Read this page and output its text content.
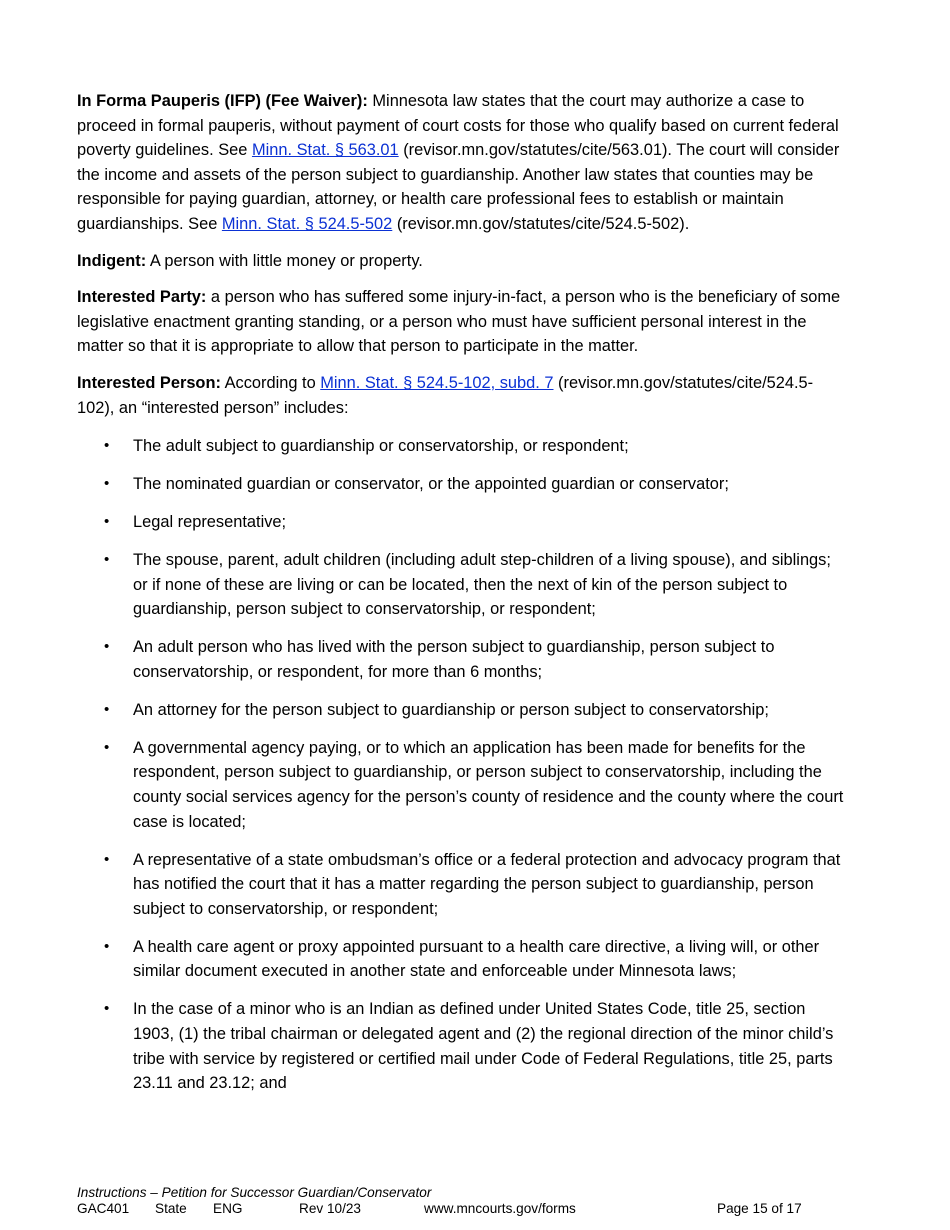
In Forma Pauperis (IFP) (Fee Waiver): Minnesota law states that the court may authorize a case to proceed in formal pauperis, without payment of court costs for those who qualify based on current federal poverty guidelines. See Minn. Stat. § 563.01 (revisor.mn.gov/statutes/cite/563.01). The court will consider the income and assets of the person subject to guardianship. Another law states that counties may be responsible for paying guardian, attorney, or health care professional fees to establish or maintain guardianships. See Minn. Stat. § 524.5-502 (revisor.mn.gov/statutes/cite/524.5-502).

Indigent: A person with little money or property.

Interested Party: a person who has suffered some injury-in-fact, a person who is the beneficiary of some legislative enactment granting standing, or a person who must have sufficient personal interest in the matter so that it is appropriate to allow that person to participate in the matter.

Interested Person: According to Minn. Stat. § 524.5-102, subd. 7 (revisor.mn.gov/statutes/cite/524.5-102), an “interested person” includes:

• The adult subject to guardianship or conservatorship, or respondent;
• The nominated guardian or conservator, or the appointed guardian or conservator;
• Legal representative;
• The spouse, parent, adult children (including adult step-children of a living spouse), and siblings; or if none of these are living or can be located, then the next of kin of the person subject to guardianship, person subject to conservatorship, or respondent;
• An adult person who has lived with the person subject to guardianship, person subject to conservatorship, or respondent, for more than 6 months;
• An attorney for the person subject to guardianship or person subject to conservatorship;
• A governmental agency paying, or to which an application has been made for benefits for the respondent, person subject to guardianship, or person subject to conservatorship, including the county social services agency for the person’s county of residence and the county where the court case is located;
• A representative of a state ombudsman’s office or a federal protection and advocacy program that has notified the court that it has a matter regarding the person subject to guardianship, person subject to conservatorship, or respondent;
• A health care agent or proxy appointed pursuant to a health care directive, a living will, or other similar document executed in another state and enforceable under Minnesota laws;
• In the case of a minor who is an Indian as defined under United States Code, title 25, section 1903, (1) the tribal chairman or delegated agent and (2) the regional direction of the minor child’s tribe with service by registered or certified mail under Code of Federal Regulations, title 25, parts 23.11 and 23.12; and
Instructions – Petition for Successor Guardian/Conservator
GAC401 State ENG	Rev 10/23	www.mncourts.gov/forms	Page 15 of 17
